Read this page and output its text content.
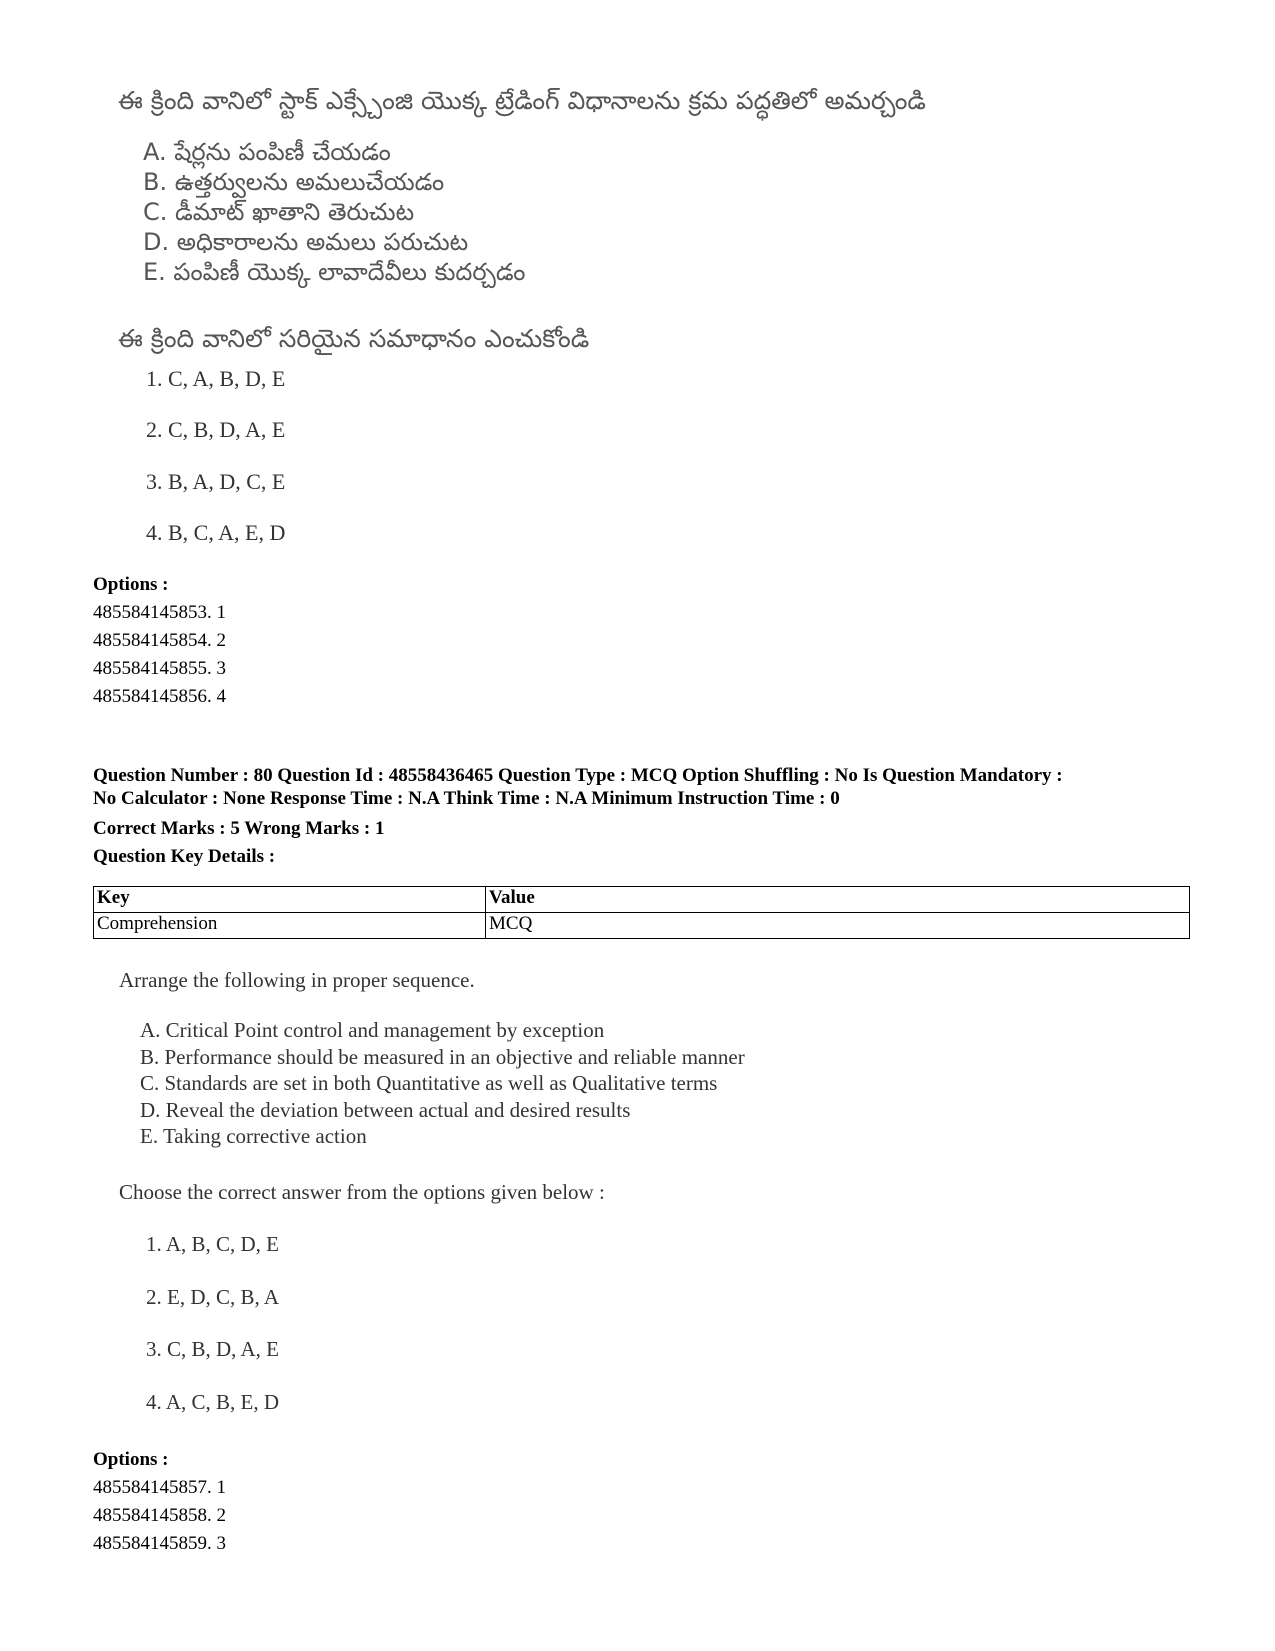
ఈ క్రింది వానిలో స్టాక్ ఎక్స్చేంజి యొక్క ట్రేడింగ్ విధానాలను క్రమ పద్ధతిలో అమర్చండి
A. షేర్లను పంపిణీ చేయడం
B. ఉత్తర్వులను అమలుచేయడం
C. డీమాట్ ఖాతాని తెరుచుట
D. అధికారాలను అమలు పరుచుట
E. పంపిణీ యొక్క లావాదేవీలు కుదర్చడం
ఈ క్రింది వానిలో సరియైన సమాధానం ఎంచుకోండి
1. C, A, B, D, E
2. C, B, D, A, E
3. B, A, D, C, E
4. B, C, A, E, D
Options :
485584145853. 1
485584145854. 2
485584145855. 3
485584145856. 4
Question Number : 80 Question Id : 48558436465 Question Type : MCQ Option Shuffling : No Is Question Mandatory :
No Calculator : None Response Time : N.A Think Time : N.A Minimum Instruction Time : 0
Correct Marks : 5 Wrong Marks : 1
Question Key Details :
Key	Value
Comprehension	MCQ
Arrange the following in proper sequence.
A. Critical Point control and management by exception
B. Performance should be measured in an objective and reliable manner
C. Standards are set in both Quantitative as well as Qualitative terms
D. Reveal the deviation between actual and desired results
E. Taking corrective action
Choose the correct answer from the options given below :
1. A, B, C, D, E
2. E, D, C, B, A
3. C, B, D, A, E
4. A, C, B, E, D
Options :
485584145857. 1
485584145858. 2
485584145859. 3
